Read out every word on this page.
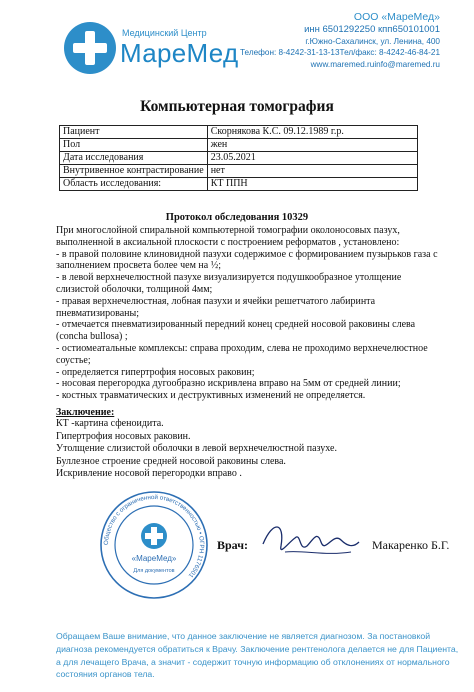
Медицинский Центр
МареМед
ООО «МареМед»
инн 6501292250 кпп650101001
г.Южно-Сахалинск, ул. Ленина, 400
Телефон: 8-4242-31-13-13Тел/факс: 8-4242-46-84-21
www.maremed.ruinfo@maremed.ru
Компьютерная томография
Пациент	Скорнякова К.С. 09.12.1989 г.р.
Пол	жен
Дата исследования	23.05.2021
Внутривенное контрастирование	нет
Область исследования:	КТ ППН
Протокол обследования 10329
При многослойной спиральной компьютерной томографии околоносовых пазух,
выполненной в аксиальной плоскости с построением реформатов , установлено:
- в правой половине клиновидной пазухи содержимое с формированием пузырьков газа с
заполнением просвета более чем на ½;
- в левой верхнечелюстной пазухе визуализируется подушкообразное утолщение
слизистой оболочки, толщиной 4мм;
- правая верхнечелюстная, лобная пазухи и ячейки решетчатого лабиринта
пневматизированы;
- отмечается пневматизированный передний конец средней носовой раковины слева
(concha bullosa) ;
- остиомеатальные комплексы: справа проходим, слева не проходимо верхнечелюстное
соустье;
- определяется гипертрофия носовых раковин;
- носовая перегородка дугообразно искривлена вправо на 5мм от средней линии;
- костных травматических и деструктивных изменений не определяется.
Заключение:
КТ -картина сфеноидита.
Гипертрофия носовых раковин.
Утолщение слизистой оболочки в левой верхнечелюстной пазухе.
Буллезное строение средней носовой раковины слева.
Искривление носовой перегородки вправо .
Общество с ограниченной ответственностью • ОГРН 1176501
«МареМед»
Для документов
Врач:	Макаренко Б.Г.
Обращаем Ваше внимание, что данное заключение не является диагнозом. За постановкой
диагноза рекомендуется обратиться к Врачу. Заключение рентгенолога делается не для Пациента,
а для лечащего Врача, а значит - содержит точную информацию об отклонениях от нормального
состояния органов тела.
